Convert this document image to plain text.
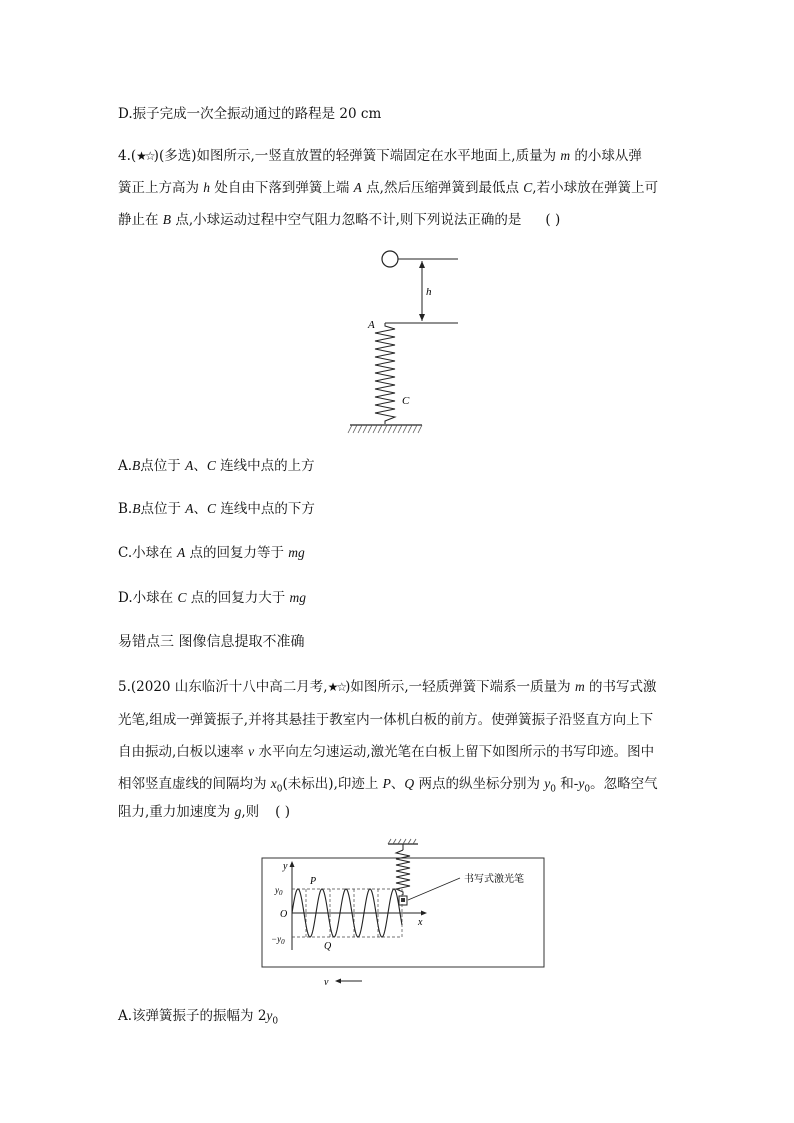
D.振子完成一次全振动通过的路程是 20 cm
4.(★☆)(多选)如图所示,一竖直放置的轻弹簧下端固定在水平地面上,质量为 m 的小球从弹
簧正上方高为 h 处自由下落到弹簧上端 A 点,然后压缩弹簧到最低点 C,若小球放在弹簧上可
静止在 B 点,小球运动过程中空气阻力忽略不计,则下列说法正确的是 ( )
h
A
C
A.B点位于 A、C 连线中点的上方
B.B点位于 A、C 连线中点的下方
C.小球在 A 点的回复力等于 mg
D.小球在 C 点的回复力大于 mg
易错点三 图像信息提取不准确
5.(2020 山东临沂十八中高二月考,★☆)如图所示,一轻质弹簧下端系一质量为 m 的书写式激
光笔,组成一弹簧振子,并将其悬挂于教室内一体机白板的前方。使弹簧振子沿竖直方向上下
自由振动,白板以速率 v 水平向左匀速运动,激光笔在白板上留下如图所示的书写印迹。图中
相邻竖直虚线的间隔均为 $x_0$(未标出),印迹上 P、Q 两点的纵坐标分别为 $y_0$ 和$-y_0$。忽略空气
阻力,重力加速度为 g,则 ( )
书写式激光笔
y
x
O
$y_0$
$-y_0$
P
Q
v
A.该弹簧振子的振幅为 $2y_0$
